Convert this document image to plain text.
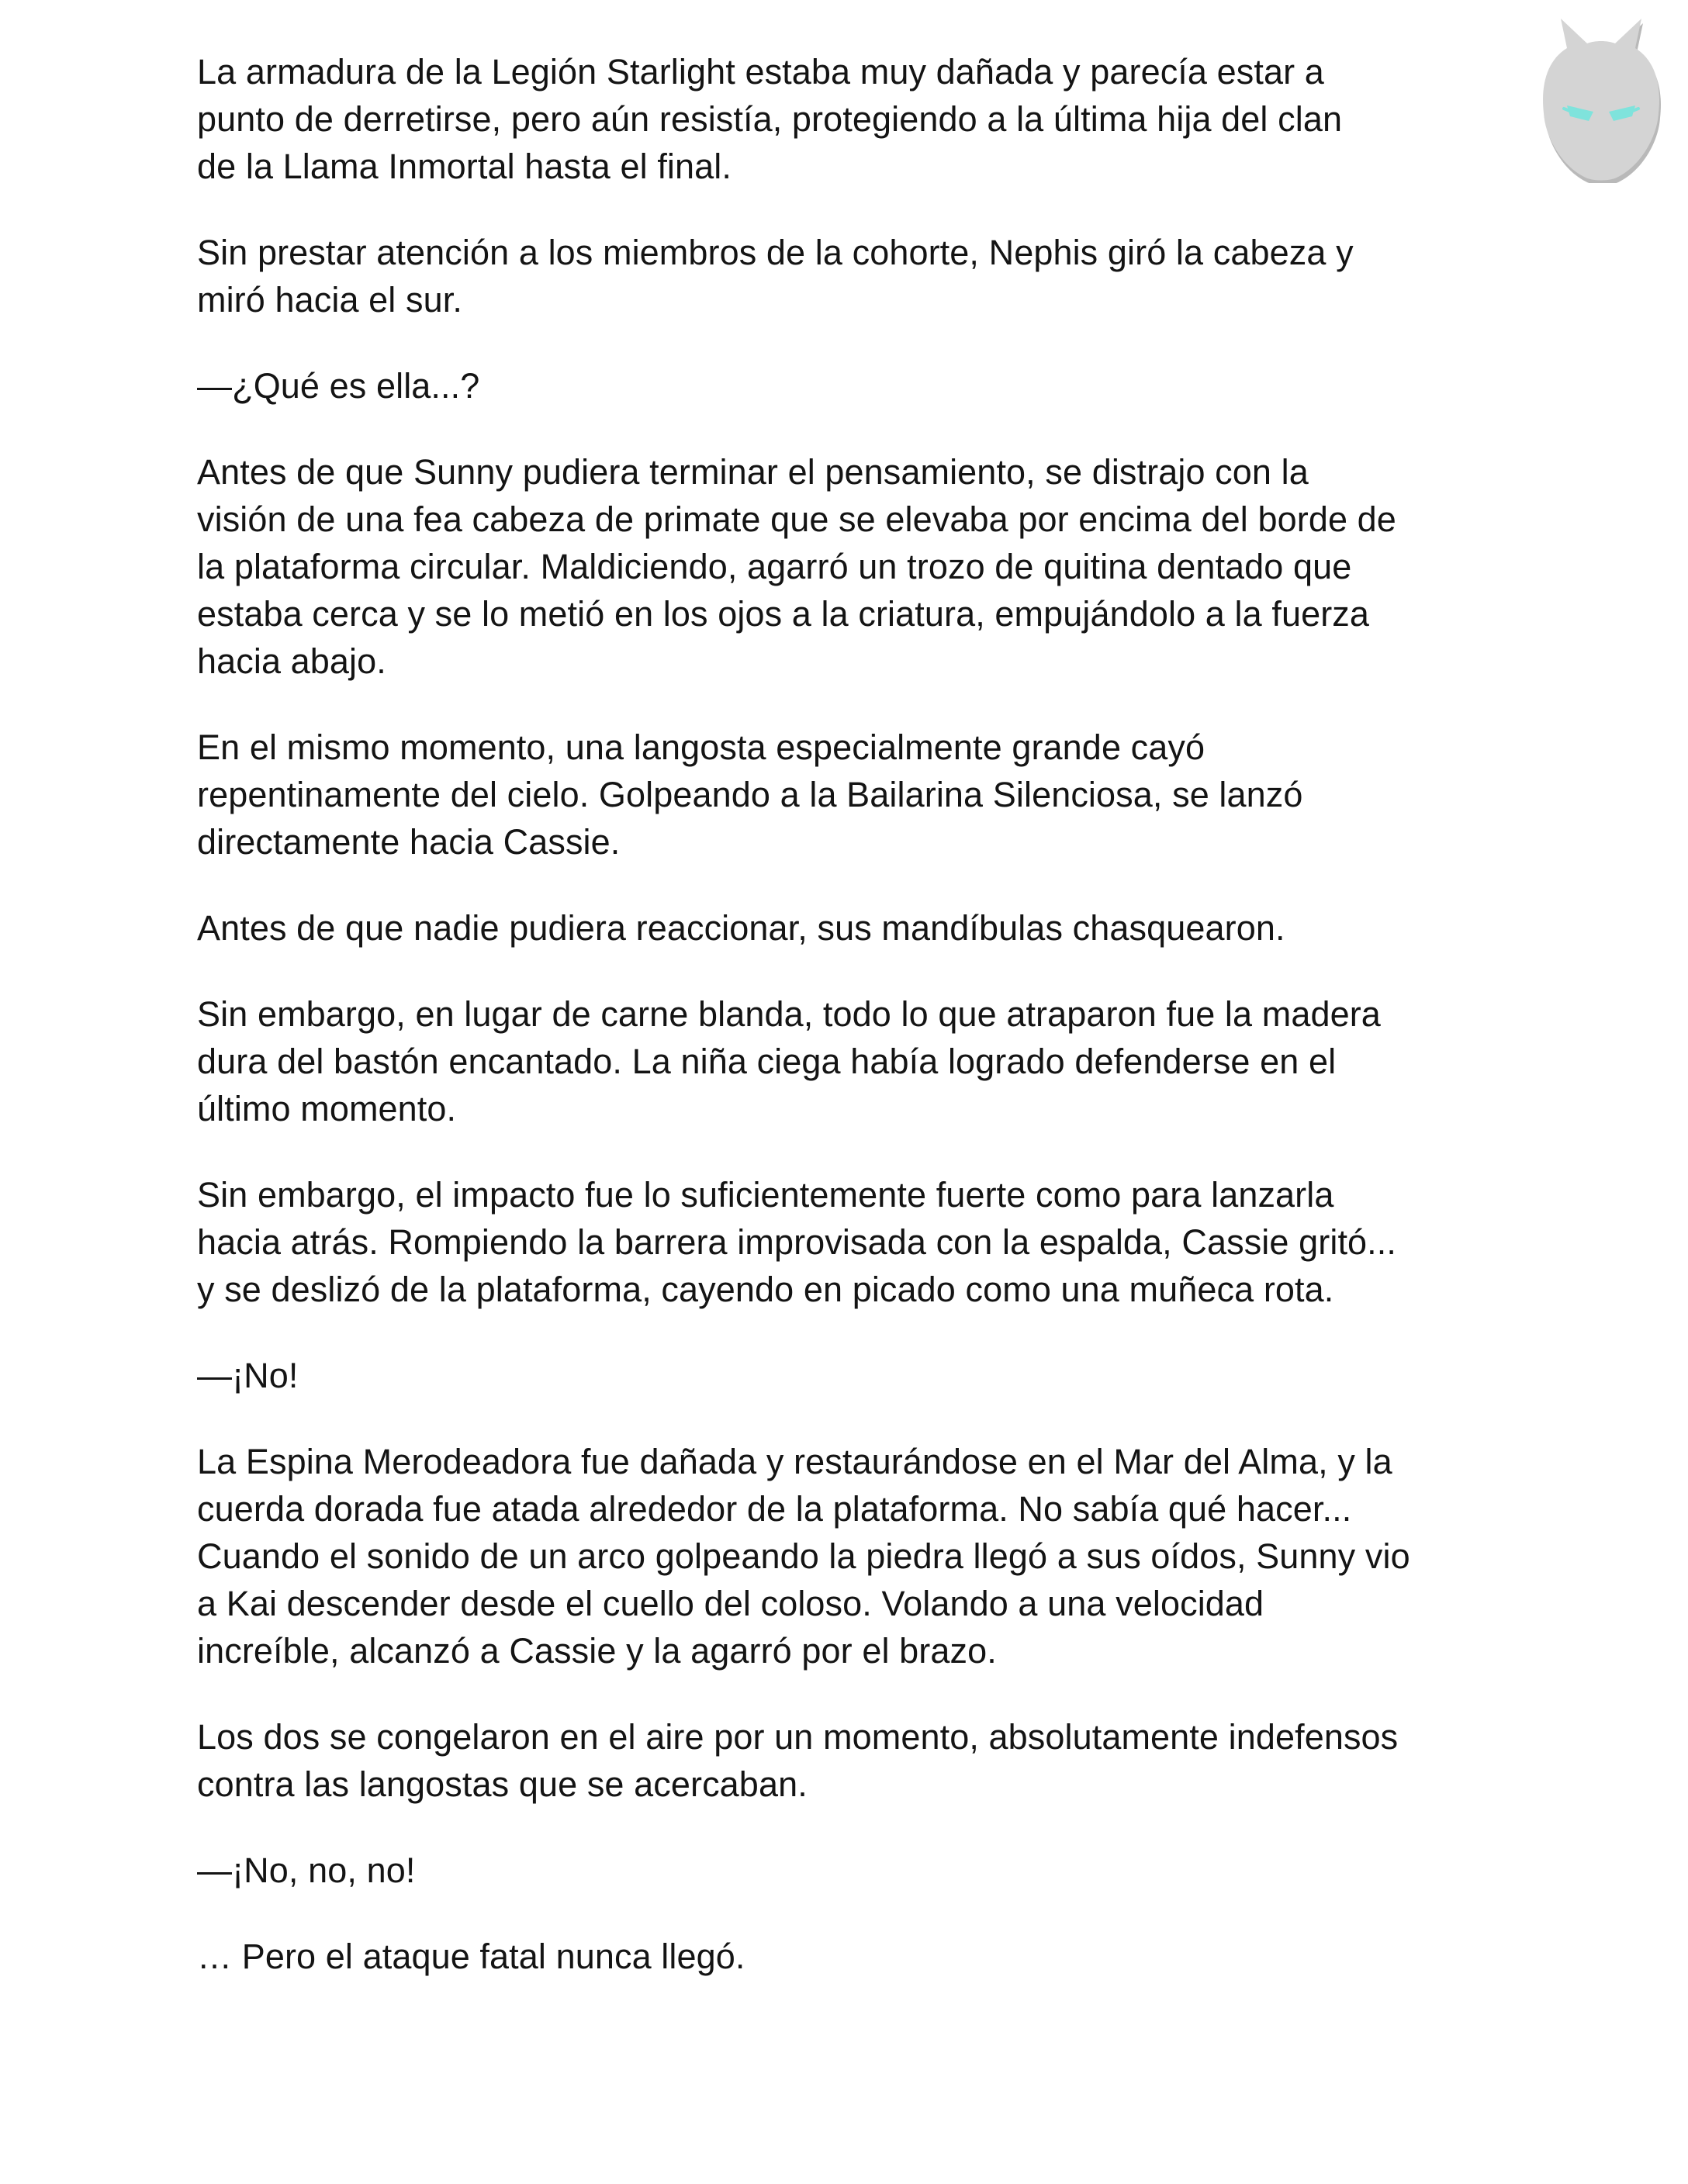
La armadura de la Legión Starlight estaba muy dañada y parecía estar a
punto de derretirse, pero aún resistía, protegiendo a la última hija del clan
de la Llama Inmortal hasta el final.

Sin prestar atención a los miembros de la cohorte, Nephis giró la cabeza y
miró hacia el sur.

—¿Qué es ella...?

Antes de que Sunny pudiera terminar el pensamiento, se distrajo con la
visión de una fea cabeza de primate que se elevaba por encima del borde de
la plataforma circular. Maldiciendo, agarró un trozo de quitina dentado que
estaba cerca y se lo metió en los ojos a la criatura, empujándolo a la fuerza
hacia abajo.

En el mismo momento, una langosta especialmente grande cayó
repentinamente del cielo. Golpeando a la Bailarina Silenciosa, se lanzó
directamente hacia Cassie.

Antes de que nadie pudiera reaccionar, sus mandíbulas chasquearon.

Sin embargo, en lugar de carne blanda, todo lo que atraparon fue la madera
dura del bastón encantado. La niña ciega había logrado defenderse en el
último momento.

Sin embargo, el impacto fue lo suficientemente fuerte como para lanzarla
hacia atrás. Rompiendo la barrera improvisada con la espalda, Cassie gritó...
y se deslizó de la plataforma, cayendo en picado como una muñeca rota.

—¡No!

La Espina Merodeadora fue dañada y restaurándose en el Mar del Alma, y la
cuerda dorada fue atada alrededor de la plataforma. No sabía qué hacer...
Cuando el sonido de un arco golpeando la piedra llegó a sus oídos, Sunny vio
a Kai descender desde el cuello del coloso. Volando a una velocidad
increíble, alcanzó a Cassie y la agarró por el brazo.

Los dos se congelaron en el aire por un momento, absolutamente indefensos
contra las langostas que se acercaban.

—¡No, no, no!

… Pero el ataque fatal nunca llegó.
